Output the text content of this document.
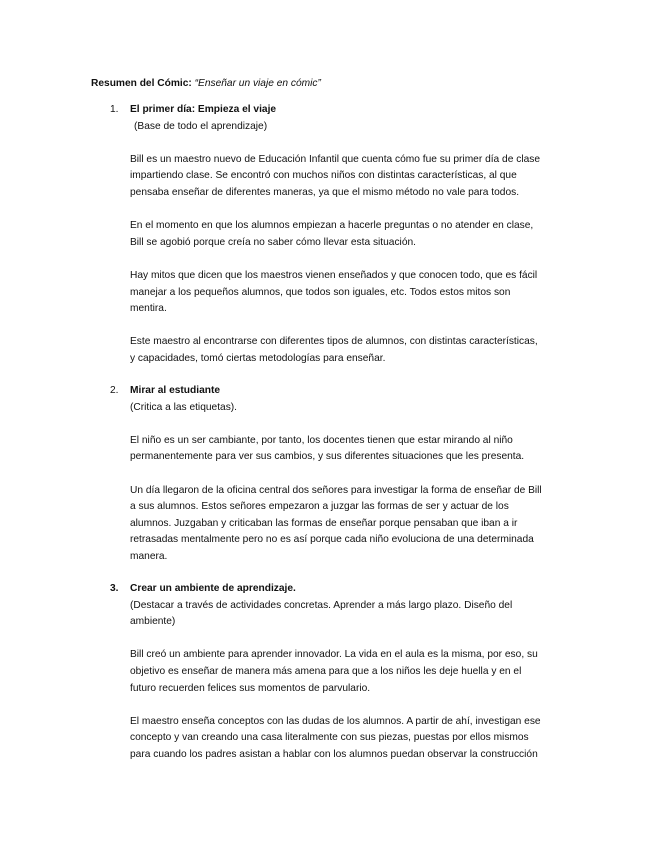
Resumen del Cómic: “Enseñar un viaje en cómic”
1.	El primer día: Empieza el viaje
(Base de todo el aprendizaje)
Bill es un maestro nuevo de Educación Infantil que cuenta cómo fue su primer día de clase
impartiendo clase. Se encontró con muchos niños con distintas características, al que
pensaba enseñar de diferentes maneras, ya que el mismo método no vale para todos.
En el momento en que los alumnos empiezan a hacerle preguntas o no atender en clase,
Bill se agobió porque creía no saber cómo llevar esta situación.
Hay mitos que dicen que los maestros vienen enseñados y que conocen todo, que es fácil
manejar a los pequeños alumnos, que todos son iguales, etc. Todos estos mitos son
mentira.
Este maestro al encontrarse con diferentes tipos de alumnos, con distintas características,
y capacidades, tomó ciertas metodologías para enseñar.
2.	Mirar al estudiante
(Critica a las etiquetas).
El niño es un ser cambiante, por tanto, los docentes tienen que estar mirando al niño
permanentemente para ver sus cambios, y sus diferentes situaciones que les presenta.
Un día llegaron de la oficina central dos señores para investigar la forma de enseñar de Bill
a sus alumnos. Estos señores empezaron a juzgar las formas de ser y actuar de los
alumnos. Juzgaban y criticaban las formas de enseñar porque pensaban que iban a ir
retrasadas mentalmente pero no es así porque cada niño evoluciona de una determinada
manera.
3.	Crear un ambiente de aprendizaje.
(Destacar a través de actividades concretas. Aprender a más largo plazo. Diseño del
ambiente)
Bill creó un ambiente para aprender innovador. La vida en el aula es la misma, por eso, su
objetivo es enseñar de manera más amena para que a los niños les deje huella y en el
futuro recuerden felices sus momentos de parvulario.
El maestro enseña conceptos con las dudas de los alumnos. A partir de ahí, investigan ese
concepto y van creando una casa literalmente con sus piezas, puestas por ellos mismos
para cuando los padres asistan a hablar con los alumnos puedan observar la construcción
